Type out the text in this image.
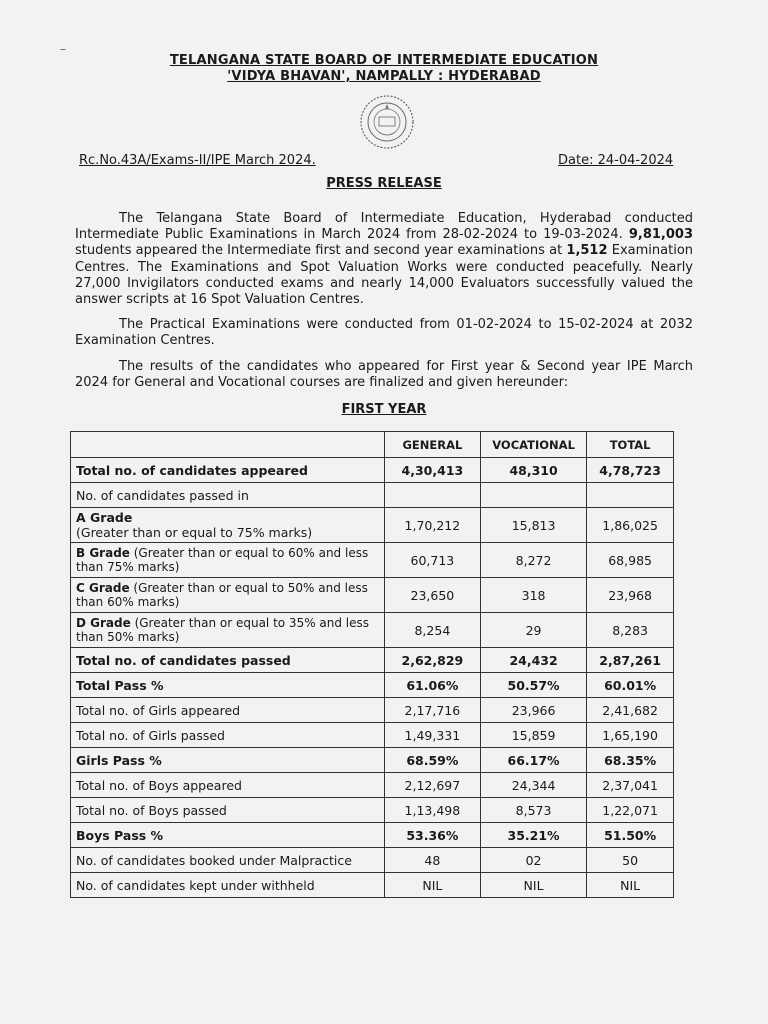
–
TELANGANA STATE BOARD OF INTERMEDIATE EDUCATION
'VIDYA BHAVAN', NAMPALLY : HYDERABAD
Rc.No.43A/Exams-II/IPE March 2024.	Date: 24-04-2024
PRESS RELEASE

The Telangana State Board of Intermediate Education, Hyderabad conducted Intermediate Public Examinations in March 2024 from 28-02-2024 to 19-03-2024. 9,81,003 students appeared the Intermediate first and second year examinations at 1,512 Examination Centres. The Examinations and Spot Valuation Works were conducted peacefully. Nearly 27,000 Invigilators conducted exams and nearly 14,000 Evaluators successfully valued the answer scripts at 16 Spot Valuation Centres.

The Practical Examinations were conducted from 01-02-2024 to 15-02-2024 at 2032 Examination Centres.

The results of the candidates who appeared for First year & Second year IPE March 2024 for General and Vocational courses are finalized and given hereunder:

FIRST YEAR
	GENERAL	VOCATIONAL	TOTAL
Total no. of candidates appeared	4,30,413	48,310	4,78,723
No. of candidates passed in			
A Grade
(Greater than or equal to 75% marks)	1,70,212	15,813	1,86,025

B Grade (Greater than or equal to 60% and less than 75% marks)	60,713	8,272	68,985

C Grade (Greater than or equal to 50% and less than 60% marks)	23,650	318	23,968

D Grade (Greater than or equal to 35% and less than 50% marks)	8,254	29	8,283
Total no. of candidates passed	2,62,829	24,432	2,87,261
Total Pass %	61.06%	50.57%	60.01%
Total no. of Girls appeared	2,17,716	23,966	2,41,682
Total no. of Girls passed	1,49,331	15,859	1,65,190
Girls Pass %	68.59%	66.17%	68.35%
Total no. of Boys appeared	2,12,697	24,344	2,37,041
Total no. of Boys passed	1,13,498	8,573	1,22,071
Boys Pass %	53.36%	35.21%	51.50%
No. of candidates booked under Malpractice	48	02	50
No. of candidates kept under withheld	NIL	NIL	NIL
